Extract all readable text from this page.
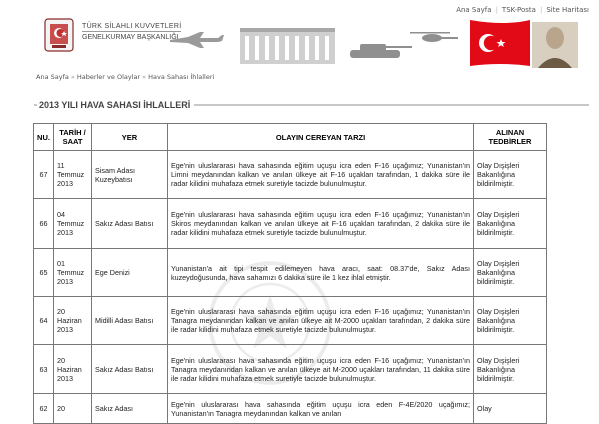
TÜRK SİLAHLI KUVVETLERİ
GENELKURMAY BAŞKANLIĞI
Ana Sayfa | TSK-Posta | Site Haritası
Ana Sayfa » Haberler ve Olaylar » Hava Sahası İhlalleri
2013 YILI HAVA SAHASI İHLALLERİ
NU.	TARİH / SAAT	YER	OLAYIN CEREYAN TARZI	ALINAN TEDBİRLER
67	11 Temmuz 2013	Sisam Adası Kuzeybatısı	Ege'nin uluslararası hava sahasında eğitim uçuşu icra eden F-16 uçağımız; Yunanistan'ın Limni meydanından kalkan ve anılan ülkeye ait F-16 uçakları tarafından, 1 dakika süre ile radar kilidini muhafaza etmek suretiyle tacizde bulunulmuştur.	Olay Dışişleri Bakanlığına bildirilmiştir.
66	04 Temmuz 2013	Sakız Adası Batısı	Ege'nin uluslararası hava sahasında eğitim uçuşu icra eden F-16 uçağımız; Yunanistan'ın Skiros meydanından kalkan ve anılan ülkeye ait F-16 uçakları tarafından, 2 dakika süre ile radar kilidini muhafaza etmek suretiyle tacizde bulunulmuştur.	Olay Dışişleri Bakanlığına bildirilmiştir.
65	01 Temmuz 2013	Ege Denizi	Yunanistan'a ait tipi tespit edilemeyen hava aracı, saat: 08.37'de, Sakız Adası kuzeydoğusunda, hava sahamızı 6 dakika süre ile 1 kez ihlal etmiştir.	Olay Dışişleri Bakanlığına bildirilmiştir.
64	20 Haziran 2013	Midilli Adası Batısı	Ege'nin uluslararası hava sahasında eğitim uçuşu icra eden F-16 uçağımız; Yunanistan'ın Tanagra meydanından kalkan ve anılan ülkeye ait M-2000 uçakları tarafından, 2 dakika süre ile radar kilidini muhafaza etmek suretiyle tacizde bulunulmuştur.	Olay Dışişleri Bakanlığına bildirilmiştir.
63	20 Haziran 2013	Sakız Adası Batısı	Ege'nin uluslararası hava sahasında eğitim uçuşu icra eden F-16 uçağımız; Yunanistan'ın Tanagra meydanından kalkan ve anılan ülkeye ait M-2000 uçakları tarafından, 11 dakika süre ile radar kilidini muhafaza etmek suretiyle tacizde bulunulmuştur.	Olay Dışişleri Bakanlığına bildirilmiştir.
62	20	Sakız Adası	Ege'nin uluslararası hava sahasında eğitim uçuşu icra eden F-4E/2020 uçağımız; Yunanistan'ın Tanagra meydanından kalkan ve anılan	Olay
